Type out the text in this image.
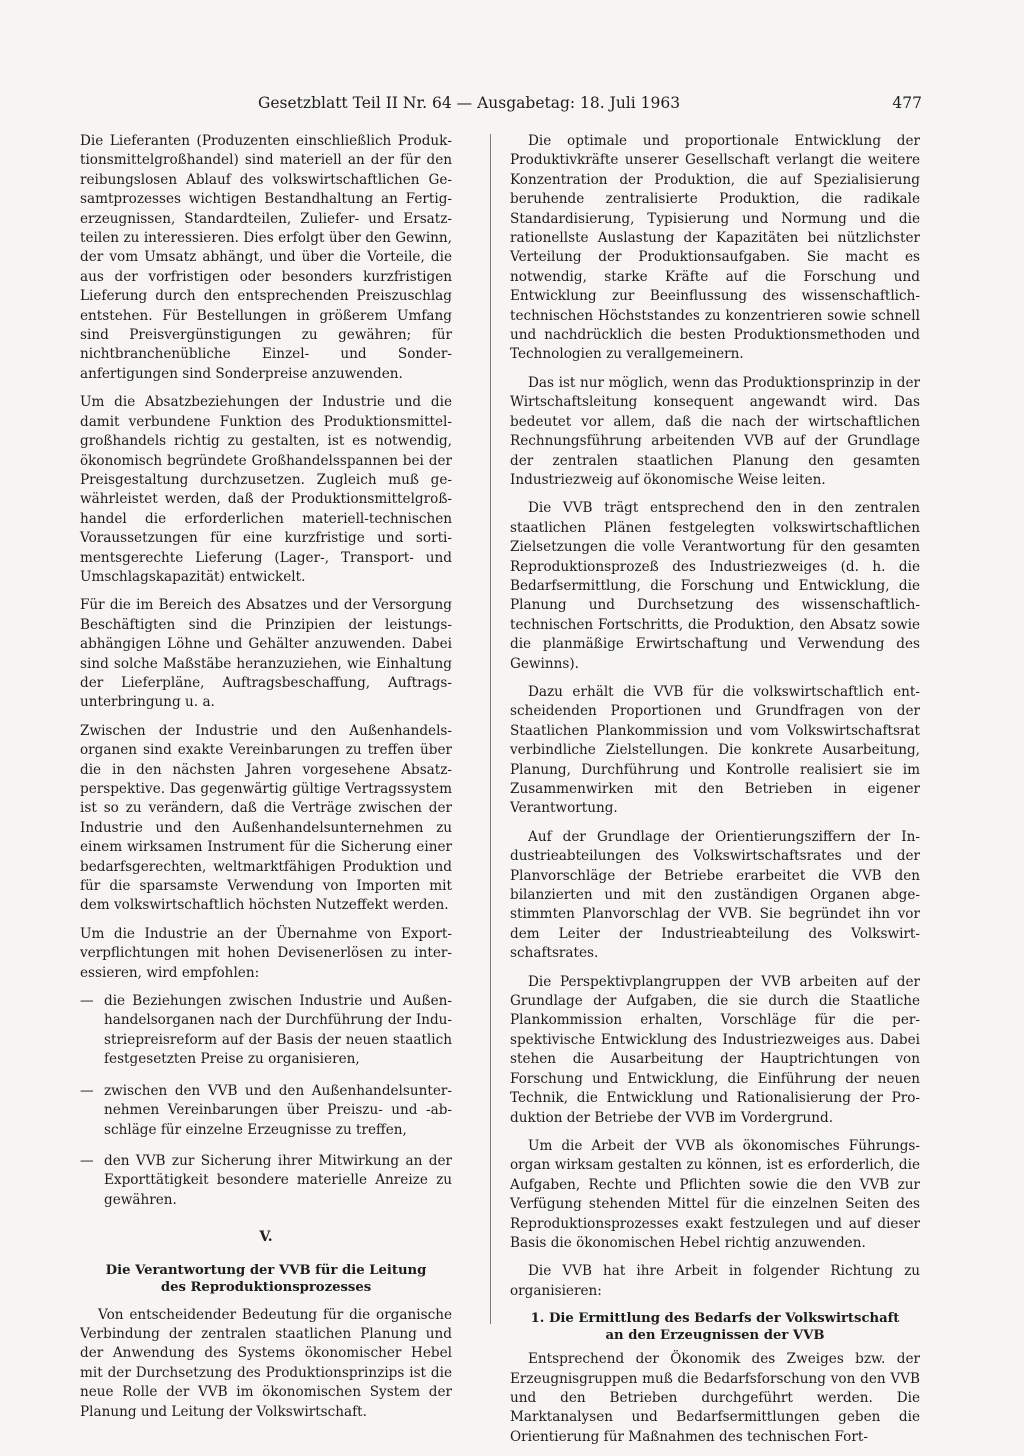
Gesetzblatt Teil II Nr. 64 — Ausgabetag: 18. Juli 1963	477

Die Lieferanten (Produzenten einschließlich Produktionsmittelgroßhandel) sind materiell an der für den reibungslosen Ablauf des volkswirtschaftlichen Gesamtprozesses wichtigen Bestandhaltung an Fertigerzeugnissen, Standardteilen, Zuliefer- und Ersatzteilen zu interessieren. Dies erfolgt über den Gewinn, der vom Umsatz abhängt, und über die Vorteile, die aus der vorfristigen oder besonders kurzfristigen Lieferung durch den entsprechenden Preiszuschlag entstehen. Für Bestellungen in größerem Umfang sind Preisvergünstigungen zu gewähren; für nichtbranchenübliche Einzel- und Sonderanfertigungen sind Sonderpreise anzuwenden.

Um die Absatzbeziehungen der Industrie und die damit verbundene Funktion des Produktionsmittelgroßhandels richtig zu gestalten, ist es notwendig, ökonomisch begründete Großhandelsspannen bei der Preisgestaltung durchzusetzen. Zugleich muß gewährleistet werden, daß der Produktionsmittelgroßhandel die erforderlichen materiell-technischen Voraussetzungen für eine kurzfristige und sortimentsgerechte Lieferung (Lager-, Transport- und Umschlagskapazität) entwickelt.

Für die im Bereich des Absatzes und der Versorgung Beschäftigten sind die Prinzipien der leistungsabhängigen Löhne und Gehälter anzuwenden. Dabei sind solche Maßstäbe heranzuziehen, wie Einhaltung der Lieferpläne, Auftragsbeschaffung, Auftragsunterbringung u. a.

Zwischen der Industrie und den Außenhandelsorganen sind exakte Vereinbarungen zu treffen über die in den nächsten Jahren vorgesehene Absatzperspektive. Das gegenwärtig gültige Vertragssystem ist so zu verändern, daß die Verträge zwischen der Industrie und den Außenhandelsunternehmen zu einem wirksamen Instrument für die Sicherung einer bedarfsgerechten, weltmarktfähigen Produktion und für die sparsamste Verwendung von Importen mit dem volkswirtschaftlich höchsten Nutzeffekt werden.

Um die Industrie an der Übernahme von Exportverpflichtungen mit hohen Devisenerlösen zu interessieren, wird empfohlen:

— die Beziehungen zwischen Industrie und Außenhandelsorganen nach der Durchführung der Industriepreisreform auf der Basis der neuen staatlich festgesetzten Preise zu organisieren,
— zwischen den VVB und den Außenhandelsunternehmen Vereinbarungen über Preiszu- und -abschläge für einzelne Erzeugnisse zu treffen,
— den VVB zur Sicherung ihrer Mitwirkung an der Exporttätigkeit besondere materielle Anreize zu gewähren.
V.
Die Verantwortung der VVB für die Leitung
des Reproduktionsprozesses

Von entscheidender Bedeutung für die organische Verbindung der zentralen staatlichen Planung und der Anwendung des Systems ökonomischer Hebel mit der Durchsetzung des Produktionsprinzips ist die neue Rolle der VVB im ökonomischen System der Planung und Leitung der Volkswirtschaft.

Die optimale und proportionale Entwicklung der Produktivkräfte unserer Gesellschaft verlangt die weitere Konzentration der Produktion, die auf Spezialisierung beruhende zentralisierte Produktion, die radikale Standardisierung, Typisierung und Normung und die rationellste Auslastung der Kapazitäten bei nützlichster Verteilung der Produktionsaufgaben. Sie macht es notwendig, starke Kräfte auf die Forschung und Entwicklung zur Beeinflussung des wissenschaftlich-technischen Höchststandes zu konzentrieren sowie schnell und nachdrücklich die besten Produktionsmethoden und Technologien zu verallgemeinern.

Das ist nur möglich, wenn das Produktionsprinzip in der Wirtschaftsleitung konsequent angewandt wird. Das bedeutet vor allem, daß die nach der wirtschaftlichen Rechnungsführung arbeitenden VVB auf der Grundlage der zentralen staatlichen Planung den gesamten Industriezweig auf ökonomische Weise leiten.

Die VVB trägt entsprechend den in den zentralen staatlichen Plänen festgelegten volkswirtschaftlichen Zielsetzungen die volle Verantwortung für den gesamten Reproduktionsprozeß des Industriezweiges (d. h. die Bedarfsermittlung, die Forschung und Entwicklung, die Planung und Durchsetzung des wissenschaftlich-technischen Fortschritts, die Produktion, den Absatz sowie die planmäßige Erwirtschaftung und Verwendung des Gewinns).

Dazu erhält die VVB für die volkswirtschaftlich entscheidenden Proportionen und Grundfragen von der Staatlichen Plankommission und vom Volkswirtschaftsrat verbindliche Zielstellungen. Die konkrete Ausarbeitung, Planung, Durchführung und Kontrolle realisiert sie im Zusammenwirken mit den Betrieben in eigener Verantwortung.

Auf der Grundlage der Orientierungsziffern der Industrieabteilungen des Volkswirtschaftsrates und der Planvorschläge der Betriebe erarbeitet die VVB den bilanzierten und mit den zuständigen Organen abgestimmten Planvorschlag der VVB. Sie begründet ihn vor dem Leiter der Industrieabteilung des Volkswirtschaftsrates.

Die Perspektivplangruppen der VVB arbeiten auf der Grundlage der Aufgaben, die sie durch die Staatliche Plankommission erhalten, Vorschläge für die perspektivische Entwicklung des Industriezweiges aus. Dabei stehen die Ausarbeitung der Hauptrichtungen von Forschung und Entwicklung, die Einführung der neuen Technik, die Entwicklung und Rationalisierung der Produktion der Betriebe der VVB im Vordergrund.

Um die Arbeit der VVB als ökonomisches Führungsorgan wirksam gestalten zu können, ist es erforderlich, die Aufgaben, Rechte und Pflichten sowie die den VVB zur Verfügung stehenden Mittel für die einzelnen Seiten des Reproduktionsprozesses exakt festzulegen und auf dieser Basis die ökonomischen Hebel richtig anzuwenden.

Die VVB hat ihre Arbeit in folgender Richtung zu organisieren:

1. Die Ermittlung des Bedarfs der Volkswirtschaft
an den Erzeugnissen der VVB

Entsprechend der Ökonomik des Zweiges bzw. der Erzeugnisgruppen muß die Bedarfsforschung von den VVB und den Betrieben durchgeführt werden. Die Marktanalysen und Bedarfsermittlungen geben die Orientierung für Maßnahmen des technischen Fort-
